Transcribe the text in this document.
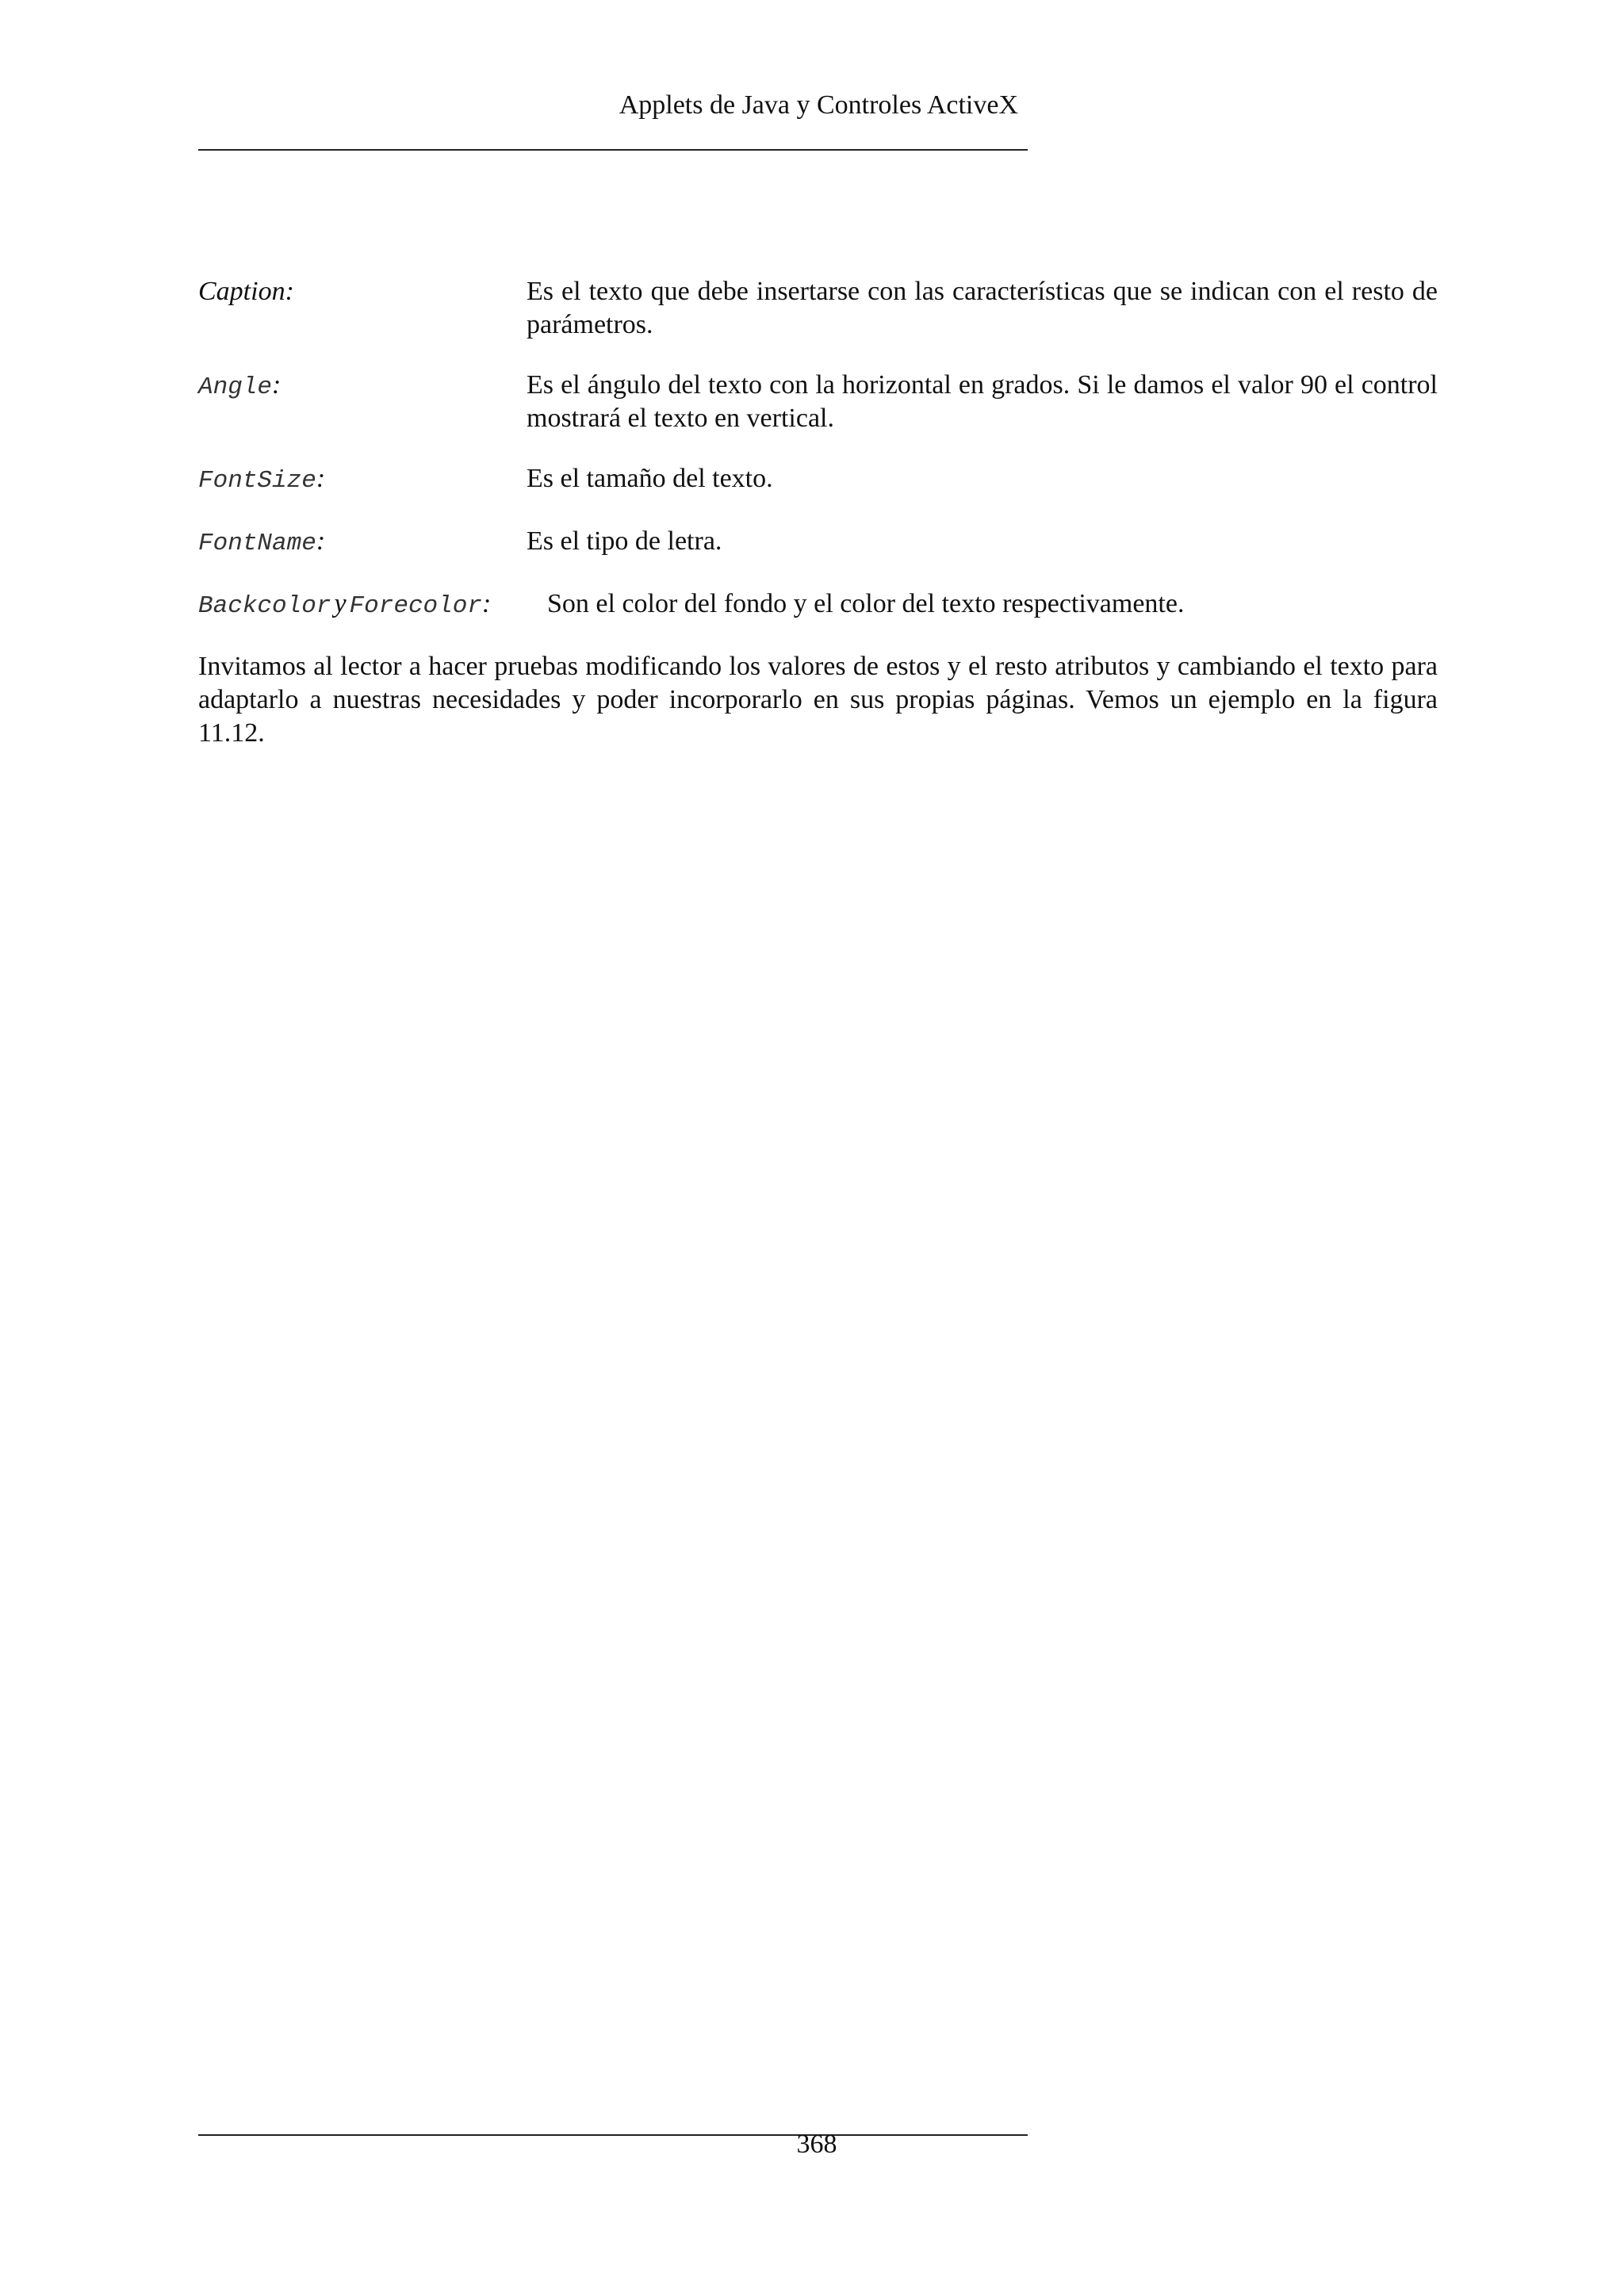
Applets de Java y Controles ActiveX
Caption:	Es el texto que debe insertarse con las características que se indican con el resto de parámetros.
Angle:	Es el ángulo del texto con la horizontal en grados. Si le damos el valor 90 el control mostrará el texto en vertical.
FontSize:	Es el tamaño del texto.
FontName:	Es el tipo de letra.
Backcolor y Forecolor:	Son el color del fondo y el color del texto respectivamente.
Invitamos al lector a hacer pruebas modificando los valores de estos y el resto atributos y cambiando el texto para adaptarlo a nuestras necesidades y poder incorporarlo en sus propias páginas. Vemos un ejemplo en la figura 11.12.
368
